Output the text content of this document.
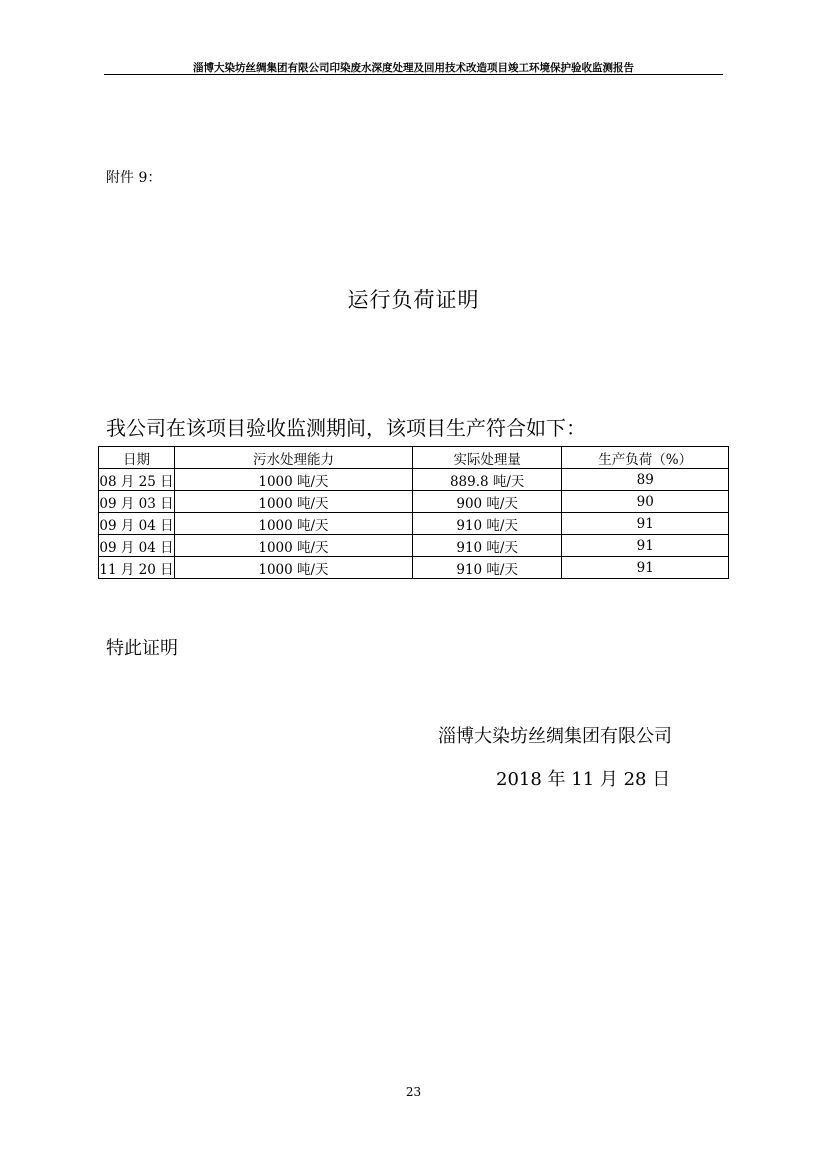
淄博大染坊丝绸集团有限公司印染废水深度处理及回用技术改造项目竣工环境保护验收监测报告
附件 9：
运行负荷证明
我公司在该项目验收监测期间，该项目生产符合如下：
日期	污水处理能力	实际处理量	生产负荷（%）
08 月 25 日	1000 吨/天	889.8 吨/天	89
09 月 03 日	1000 吨/天	900 吨/天	90
09 月 04 日	1000 吨/天	910 吨/天	91
09 月 04 日	1000 吨/天	910 吨/天	91
11 月 20 日	1000 吨/天	910 吨/天	91
特此证明
淄博大染坊丝绸集团有限公司
2018 年 11 月 28 日
23
